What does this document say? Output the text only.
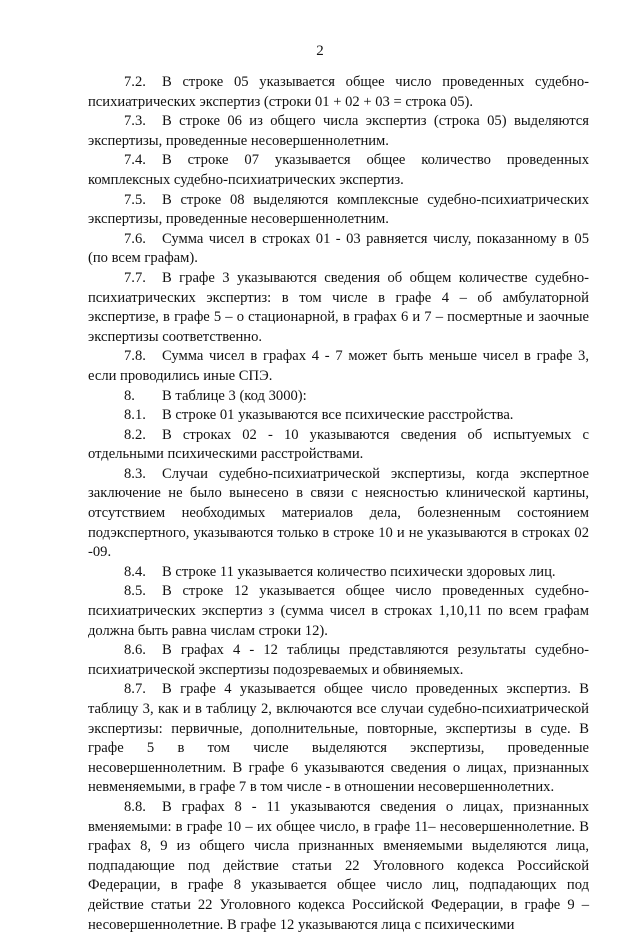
2

7.2. В строке 05 указывается общее число проведенных судебно-психиатрических экспертиз (строки 01 + 02 + 03 = строка 05).

7.3. В строке 06 из общего числа экспертиз (строка 05) выделяются экспертизы, проведенные несовершеннолетним.

7.4. В строке 07 указывается общее количество проведенных комплексных судебно-психиатрических экспертиз.

7.5. В строке 08 выделяются комплексные судебно-психиатрических экспертизы, проведенные несовершеннолетним.

7.6. Сумма чисел в строках 01 - 03 равняется числу, показанному в 05 (по всем графам).

7.7. В графе 3 указываются сведения об общем количестве судебно-психиатрических экспертиз: в том числе в графе 4 – об амбулаторной экспертизе, в графе 5 – о стационарной, в графах 6 и 7 – посмертные и заочные экспертизы соответственно.

7.8. Сумма чисел в графах 4 - 7 может быть меньше чисел в графе 3, если проводились иные СПЭ.

8. В таблице 3 (код 3000):

8.1. В строке 01 указываются все психические расстройства.

8.2. В строках 02 - 10 указываются сведения об испытуемых с отдельными психическими расстройствами.

8.3. Случаи судебно-психиатрической экспертизы, когда экспертное заключение не было вынесено в связи с неясностью клинической картины, отсутствием необходимых материалов дела, болезненным состоянием подэкспертного, указываются только в строке 10 и не указываются в строках 02 -09.

8.4. В строке 11 указывается количество психически здоровых лиц.

8.5. В строке 12 указывается общее число проведенных судебно-психиатрических экспертиз з (сумма чисел в строках 1,10,11 по всем графам должна быть равна числам строки 12).

8.6. В графах 4 - 12 таблицы представляются результаты судебно-психиатрической экспертизы подозреваемых и обвиняемых.

8.7. В графе 4 указывается общее число проведенных экспертиз. В таблицу 3, как и в таблицу 2, включаются все случаи судебно-психиатрической экспертизы: первичные, дополнительные, повторные, экспертизы в суде. В графе 5 в том числе выделяются экспертизы, проведенные несовершеннолетним. В графе 6 указываются сведения о лицах, признанных невменяемыми, в графе 7 в том числе - в отношении несовершеннолетних.

8.8. В графах 8 - 11 указываются сведения о лицах, признанных вменяемыми: в графе 10 – их общее число, в графе 11– несовершеннолетние. В графах 8, 9 из общего числа признанных вменяемыми выделяются лица, подпадающие под действие статьи 22 Уголовного кодекса Российской Федерации, в графе 8 указывается общее число лиц, подпадающих под действие статьи 22 Уголовного кодекса Российской Федерации, в графе 9 – несовершеннолетние. В графе 12 указываются лица с психическими
